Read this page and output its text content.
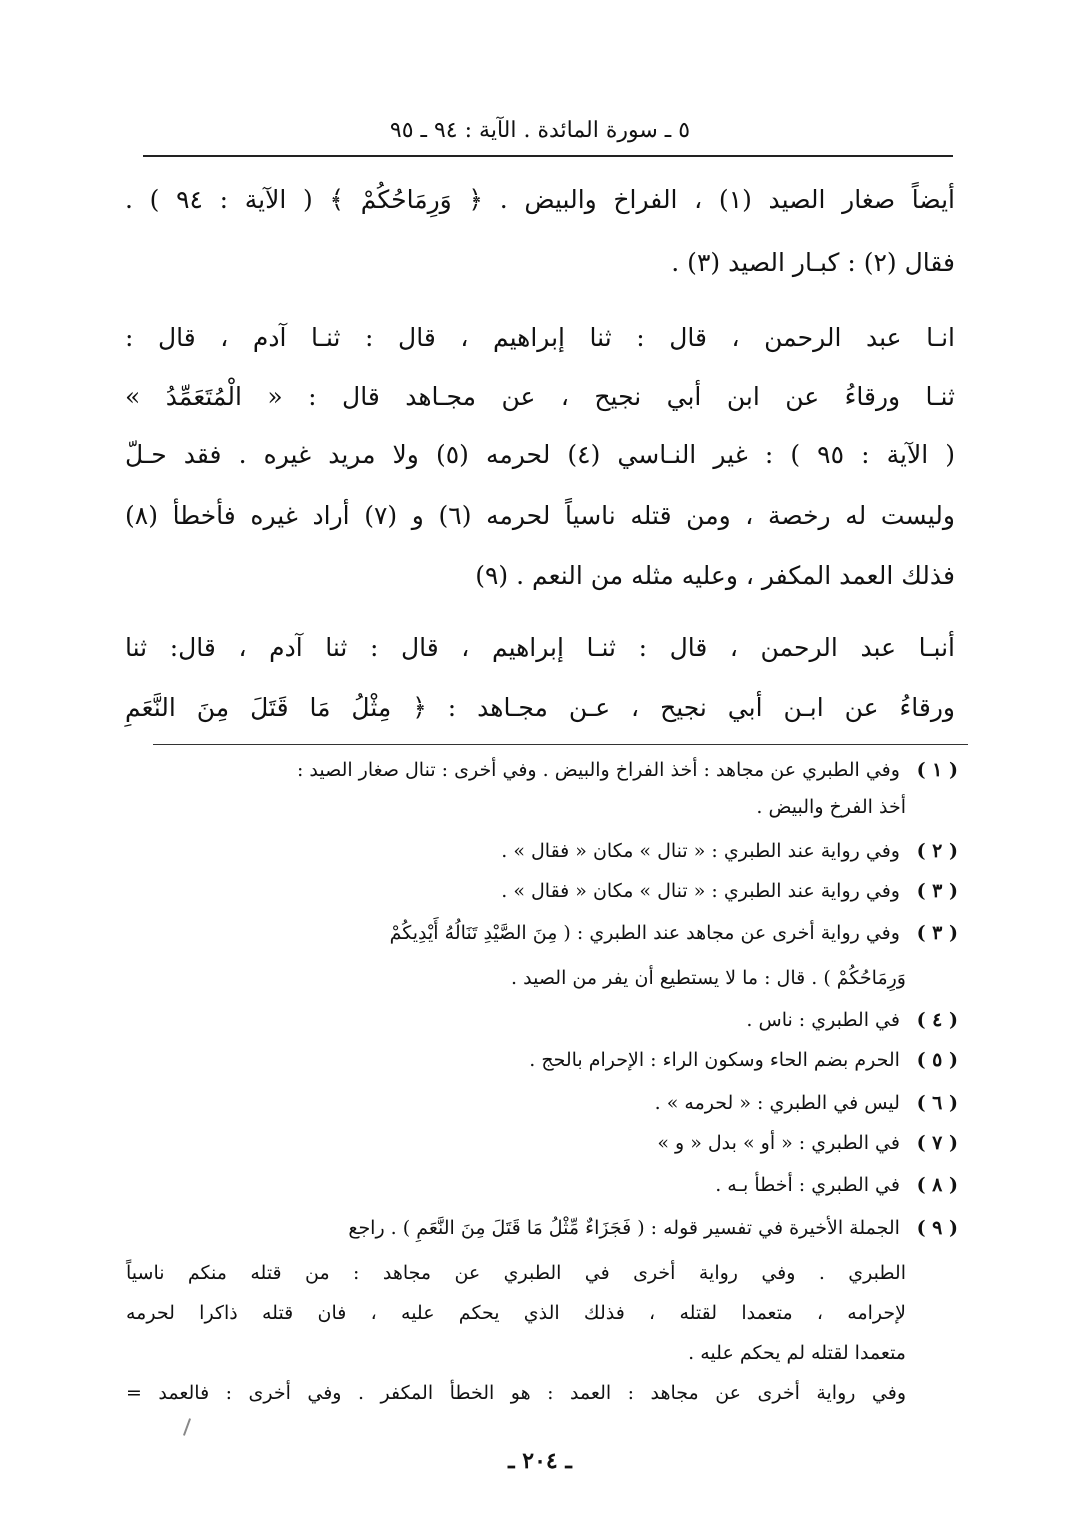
٥ ـ سورة المائدة . الآية : ٩٤ ـ ٩٥
أيضاً صغار الصيد (١) ، الفراخ والبيض . ﴿ وَرِمَاحُكُمْ ﴾ ( الآية : ٩٤ ) .
فقال (٢) : كبـار الصيد (٣) .
انـا عبد الرحمن ، قال : ثنا إبراهيم ، قال : ثنـا آدم ، قال :
ثنـا ورقاءُ عن ابن أبي نجيح ، عن مجـاهد قال : « الْمُتَعَمِّدُ »
( الآية : ٩٥ ) : غير النـاسي (٤) لحرمه (٥) ولا مريد غيره . فقد حـلّ
وليست له رخصة ، ومن قتله ناسياً لحرمه (٦) و (٧) أراد غيره فأخطأ (٨)
فذلك العمد المكفر ، وعليه مثله من النعم . (٩)
أنبـا عبد الرحمن ، قال : ثنـا إبراهيم ، قال : ثنا آدم ، قال: ثنا
ورقاءُ عن ابـن أبي نجيح ، عـن مجـاهد : ﴿ مِثْلُ مَا قَتَلَ مِنَ النَّعَمِ
( ١ ) وفي الطبري عن مجاهد : أخذ الفراخ والبيض . وفي أخرى : تنال صغار الصيد :
أخذ الفرخ والبيض .
( ٢ ) وفي رواية عند الطبري : « تنال » مكان « فقال » .
( ٣ ) وفي رواية عند الطبري : « تنال » مكان « فقال » .
( ٣ ) وفي رواية أخرى عن مجاهد عند الطبري : ( مِنَ الصَّيْدِ تَنَالُهُ أَيْدِيكُمْ
وَرِمَاحُكُمْ ) . قال : ما لا يستطيع أن يفر من الصيد .
( ٤ ) في الطبري : ناس .
( ٥ ) الحرم بضم الحاء وسكون الراء : الإحرام بالحج .
( ٦ ) ليس في الطبري : « لحرمه » .
( ٧ ) في الطبري : « أو » بدل « و »
( ٨ ) في الطبري : أخطأ بـه .
( ٩ ) الجملة الأخيرة في تفسير قوله : ( فَجَزَاءٌ مِّثْلُ مَا قَتَلَ مِنَ النَّعَمِ ) . راجع
الطبري . وفي رواية أخرى في الطبري عن مجاهد : من قتله منكم ناسياً
لإحرامه ، متعمدا لقتله ، فذلك الذي يحكم عليه ، فان قتله ذاكرا لحرمه
متعمدا لقتله لم يحكم عليه .
وفي رواية أخرى عن مجاهد : العمد : هو الخطأ المكفر . وفي أخرى : فالعمد =
ـ ٢٠٤ ـ
